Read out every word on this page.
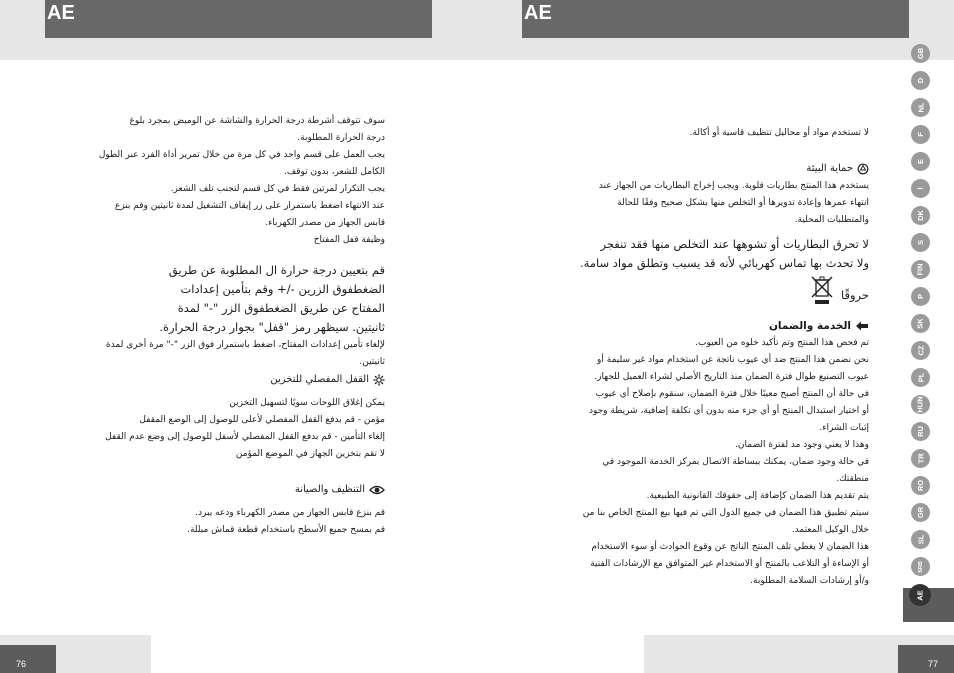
AE
سوف تتوقف أشرطة درجة الحرارة والشاشة عن الوميض بمجرد بلوغ
درجة الحرارة المطلوبة.
يجب العمل على قسم واحد في كل مرة من خلال تمرير أداة الفرد عبر الطول
الكامل للشعر، بدون توقف.
يجب التكرار لمرتين فقط في كل قسم لتجنب تلف الشعر.
عند الانتهاء اضغط باستمرار على زر إيقاف التشغيل لمدة ثانيتين وقم بنزع
قابس الجهاز من مصدر الكهرباء.
وظيفة قفل المفتاح
قم بتعيين درجة حرارة ال المطلوبة عن طريق
الضغطفوق الزرين -/+ وقم بتأمين إعدادات
المفتاح عن طريق الضغطفوق الزر "-" لمدة
ثانيتين. سيظهر رمز "قفل" بجوار درجة الحرارة.
لإلغاء تأمين إعدادات المفتاح، اضغط باستمرار فوق الزر "-" مرة أخرى لمدة
ثانيتين.
القفل المفصلي للتخزين
يمكن إغلاق اللوحات سويًا لتسهيل التخزين
مؤمن - قم بدفع القفل المفصلي لأعلى للوصول إلى الوضع المقفل
إلغاء التأمين - قم بدفع القفل المفصلي لأسفل للوصول إلى وضع عدم القفل
لا تقم بتخزين الجهاز في الموضع المؤمن
التنظيف والصيانة
قم بنزع قابس الجهاز من مصدر الكهرباء ودعه يبرد.
قم بمسح جميع الأسطح باستخدام قطعة قماش مبللة.
76
AE
لا تستخدم مواد أو محاليل تنظيف قاسية أو أكالة.
حماية البيئة
يستخدم هذا المنتج بطاريات قلوية. ويجب إخراج البطاريات من الجهاز عند
انتهاء عمرها وإعادة تدويرها أو التخلص منها بشكل صحيح وفقًا للحالة
والمتطلبات المحلية.
لا تحرق البطاريات أو تشوهها عند التخلص منها فقد تنفجر
ولا تحدث بها تماس كهربائي لأنه قد يسبب وتطلق مواد سامة.
حروقًا
الخدمة والضمان
تم فحص هذا المنتج وتم تأكيد خلوه من العيوب.
نحن نضمن هذا المنتج ضد أي عيوب ناتجة عن استخدام مواد غير سليمة أو
عيوب التصنيع طوال فترة الضمان منذ التاريخ الأصلي لشراء العميل للجهاز.
في حالة أن المنتج أصبح معيبًا خلال فترة الضمان، سنقوم بإصلاح أي عيوب
أو اختيار استبدال المنتج أو أي جزء منه بدون أي تكلفة إضافية، شريطة وجود
إثبات الشراء.
وهذا لا يعني وجود مد لفترة الضمان.
في حالة وجود ضمان، يمكنك ببساطة الاتصال بمركز الخدمة الموجود في
منطقتك.
يتم تقديم هذا الضمان كإضافة إلى حقوقك القانونية الطبيعية.
سيتم تطبيق هذا الضمان في جميع الدول التي تم فيها بيع المنتج الخاص بنا من
خلال الوكيل المعتمد.
هذا الضمان لا يغطي تلف المنتج الناتج عن وقوع الحوادث أو سوء الاستخدام
أو الإساءة أو التلاعب بالمنتج أو الاستخدام غير المتوافق مع الإرشادات الفنية
و/أو إرشادات السلامة المطلوبة.
77
GB
D
NL
F
E
I
DK
S
FIN
P
SK
CZ
PL
HUN
RU
TR
RO
GR
SL
SRB
AE
